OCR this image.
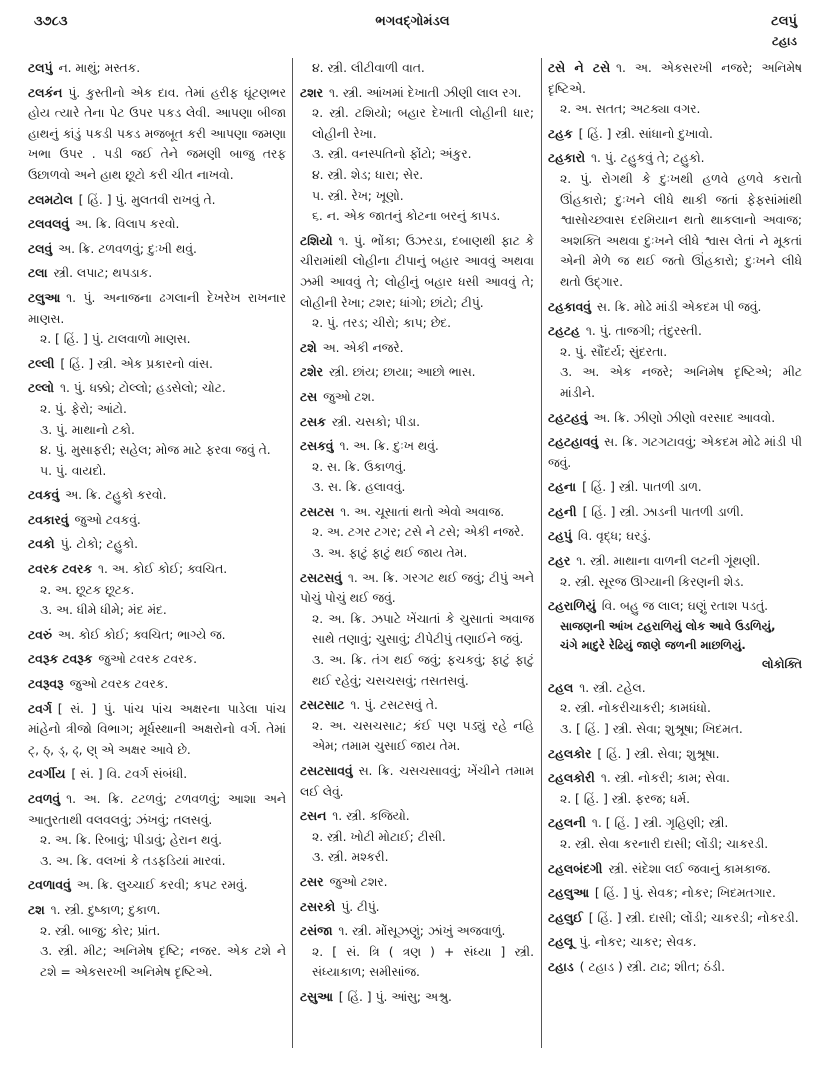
૩૭૮૩	ભગવદ્ગોમંડલ	ટલપું
ટહાડ
ટલપું ન. માથું; મસ્તક.
ટલકંન પું. કુસ્તીનો એક દાવ. તેમાં હરીફ ઘૂંટણભર હોય ત્યારે તેના પેટ ઉપર પકડ લેવી. આપણા બીજા હાથનું કાંડું પકડી પકડ મજબૂત કરી આપણા જમણા ખભા ઉપર . પડી જઈ તેને જમણી બાજુ તરફ ઉછાળવો અને હાથ છૂટો કરી ચીત નાખવો.
ટલમટોલ [ હિં. ] પું. મુલતવી રાખવું તે.
ટલવલવું અ. ક્રિ. વિલાપ કરવો.
ટલવું અ. ક્રિ. ટળવળવું; દુઃખી થવું.
ટલા સ્ત્રી. લપાટ; થપડાક.
ટલુઆ ૧. પું. અનાજના ઢગલાની દેખરેખ રાખનાર માણસ.
૨. [ હિં. ] પું. ટાલવાળો માણસ.
ટલ્લી [ હિં. ] સ્ત્રી. એક પ્રકારનો વાંસ.
ટલ્લો ૧. પું. ધક્કો; ટોલ્લો; હડસેલો; ચોટ.
૨. પું. ફેરો; આંટો.
૩. પું. માથાનો ટકો.
૪. પું. મુસાફરી; સહેલ; મોજ માટે ફરવા જવું તે.
૫. પું. વાયદો.
ટવકવું અ. ક્રિ. ટહુકો કરવો.
ટવકારવું જુઓ ટવકવું.
ટવકો પું. ટોકો; ટહુકો.
ટવરક ટવરક ૧. અ. કોઈ કોઈ; ક્વચિત.
૨. અ. છૂટક છૂટક.
૩. અ. ધીમે ધીમે; મંદ મંદ.
ટવરું અ. કોઈ કોઈ; ક્વચિત; ભાગ્યે જ.
ટવરૂક ટવરૂક જુઓ ટવરક ટવરક.
ટવરૂવરૂ જુઓ ટવરક ટવરક.
ટવર્ગ [ સં. ] પું. પાંચ પાંચ અક્ષરના પાડેલા પાંચ માંહેનો ત્રીજો વિભાગ; મૂર્ધસ્થાની અક્ષરોનો વર્ગ. તેમાં ટ્, ઠ્, ડ્, ઢ્, ણ્ એ અક્ષર આવે છે.
ટવર્ગીય [ સં. ] વિ. ટવર્ગ સંબંધી.
ટવળવું ૧. અ. ક્રિ. ટટળવું; ટળવળવું; આશા અને આતુરતાથી વલવલવું; ઝંખવું; તલસવું.
૨. અ. ક્રિ. રિબાવું; પીડાવું; હેરાન થવું.
૩. અ. ક્રિ. વલખાં કે તડફડિયાં મારવાં.
ટવળાવવું અ. ક્રિ. લુચ્ચાઈ કરવી; કપટ રમવું.
ટશ ૧. સ્ત્રી. દુષ્કાળ; દુકાળ.
૨. સ્ત્રી. બાજુ; કોર; પ્રાંત.
૩. સ્ત્રી. મીટ; અનિમેષ દૃષ્ટિ; નજર. એક ટશે ને ટશે = એકસરખી અનિમેષ દૃષ્ટિએ.
૪. સ્ત્રી. લીટીવાળી વાત.
ટશર ૧. સ્ત્રી. આંખમાં દેખાતી ઝીણી લાલ રગ.
૨. સ્ત્રી. ટશિયો; બહાર દેખાતી લોહીની ધાર; લોહીની રેખા.
૩. સ્ત્રી. વનસ્પતિનો ફોંટો; અંકુર.
૪. સ્ત્રી. શેડ; ધારા; સેર.
૫. સ્ત્રી. રેખ; ખૂણો.
૬. ન. એક જાતનું કોટના બરનું કાપડ.
ટશિયો ૧. પું. ભોંકા; ઉઝરડા, દબાણથી ફાટ કે ચીરામાંથી લોહીના ટીપાનું બહાર આવવું અથવા ઝમી આવવું તે; લોહીનું બહાર ધસી આવવું તે; લોહીની રેખા; ટશર; ધાંગો; છાંટો; ટીપું.
૨. પું. તરડ; ચીરો; કાપ; છેદ.
ટશે અ. એકી નજરે.
ટશેર સ્ત્રી. છાંય; છાયા; આછો ભાસ.
ટસ જુઓ ટશ.
ટસક સ્ત્રી. ચસકો; પીડા.
ટસકવું ૧. અ. ક્રિ. દુઃખ થવું.
૨. સ. ક્રિ. ઉકાળવું.
૩. સ. ક્રિ. હલાવવું.
ટસટસ ૧. અ. ચૂસાતાં થતો એવો અવાજ.
૨. અ. ટગર ટગર; ટસે ને ટસે; એકી નજરે.
૩. અ. ફાટું ફાટું થઈ જાય તેમ.
ટસટસવું ૧. અ. ક્રિ. ગરગટ થઈ જવું; ટીપું અને પોચું પોચું થઈ જવું.
૨. અ. ક્રિ. ઝપાટે ખેંચાતાં કે ચુસાતાં અવાજ સાથે તણાવું; ચુસાવું; ટીપેટીપું તણાઈને જવું.
૩. અ. ક્રિ. તંગ થઈ જવું; ફચકવું; ફાટું ફાટું થઈ રહેવું; ચસચસવું; તસતસવું.
ટસટસાટ ૧. પું. ટસટસવું તે.
૨. અ. ચસચસાટ; કંઈ પણ પડ્યું રહે નહિ એમ; તમામ ચુસાઈ જાય તેમ.
ટસટસાવવું સ. ક્રિ. ચસચસાવવું; ખેંચીને તમામ લઈ લેવું.
ટસન ૧. સ્ત્રી. કજિયો.
૨. સ્ત્રી. ખોટી મોટાઈ; ટીસી.
૩. સ્ત્રી. મશ્કરી.
ટસર જુઓ ટશર.
ટસરકો પું. ટીપું.
ટસંજા ૧. સ્ત્રી. મોંસૂઝણું; ઝાંખું અજવાળું.
૨. [ સં. ત્રિ ( ત્રણ ) + સંધ્યા ] સ્ત્રી. સંધ્યાકાળ; સમીસાંજ.
ટસુઆ [ હિં. ] પું. આંસુ; અશ્રુ.
ટસે ને ટસે ૧. અ. એકસરખી નજરે; અનિમેષ દૃષ્ટિએ.
૨. અ. સતત; અટક્યા વગર.
ટહક [ હિં. ] સ્ત્રી. સાંધાનો દુખાવો.
ટહકારો ૧. પું. ટહુકવું તે; ટહુકો.
૨. પું. રોગથી કે દુઃખથી હળવે હળવે કરાતો ઊંહકારો; દુઃખને લીધે થાકી જતાં ફેફસાંમાંથી શ્વાસોચ્છ્વાસ દરમિયાન થતો થાકલાનો અવાજ; અશક્તિ અથવા દુઃખને લીધે શ્વાસ લેતાં ને મૂકતાં એની મેળે જ થઈ જતો ઊંહકારો; દુઃખને લીધે થતો ઉદ્ગાર.
ટહકાવવું સ. ક્રિ. મોઢે માંડી એકદમ પી જવું.
ટહટહ ૧. પું. તાજગી; તંદુરસ્તી.
૨. પું. સૌંદર્ય; સુંદરતા.
૩. અ. એક નજરે; અનિમેષ દૃષ્ટિએ; મીટ માંડીને.
ટહટહવું અ. ક્રિ. ઝીણો ઝીણો વરસાદ આવવો.
ટહટહાવવું સ. ક્રિ. ગટગટાવવું; એકદમ મોઢે માંડી પી જવું.
ટહના [ હિં. ] સ્ત્રી. પાતળી ડાળ.
ટહની [ હિં. ] સ્ત્રી. ઝાડની પાતળી ડાળી.
ટહપું વિ. વૃદ્ધ; ઘરડું.
ટહર ૧. સ્ત્રી. માથાના વાળની લટની ગૂંથણી.
૨. સ્ત્રી. સૂરજ ઊગ્યાની કિરણની શેડ.
ટહરાળિયું વિ. બહુ જ લાલ; ઘણું રતાશ પડતું.
સાજણની આંખ ટહરાળિયું લોક આવે ઉડળિયું,
ચંગે માદુરે રેઢિયું જાણે જળની માછળિયું.
લોકોક્તિ
ટહલ ૧. સ્ત્રી. ટહેલ.
૨. સ્ત્રી. નોકરીચાકરી; કામધંધો.
૩. [ હિં. ] સ્ત્રી. સેવા; શુશ્રૂષા; ખિદમત.
ટહલકોર [ હિં. ] સ્ત્રી. સેવા; શુશ્રૂષા.
ટહલકોરી ૧. સ્ત્રી. નોકરી; કામ; સેવા.
૨. [ હિં. ] સ્ત્રી. ફરજ; ધર્મ.
ટહલની ૧. [ હિં. ] સ્ત્રી. ગૃહિણી; સ્ત્રી.
૨. સ્ત્રી. સેવા કરનારી દાસી; લોંડી; ચાકરડી.
ટહલબંદગી સ્ત્રી. સંદેશા લઈ જવાનું કામકાજ.
ટહલુઆ [ હિં. ] પું. સેવક; નોકર; ખિદમતગાર.
ટહલુઈ [ હિં. ] સ્ત્રી. દાસી; લોંડી; ચાકરડી; નોકરડી.
ટહલૂ પું. નોકર; ચાકર; સેવક.
ટહાડ ( ટહાડ ) સ્ત્રી. ટાઢ; શીત; ઠંડી.
